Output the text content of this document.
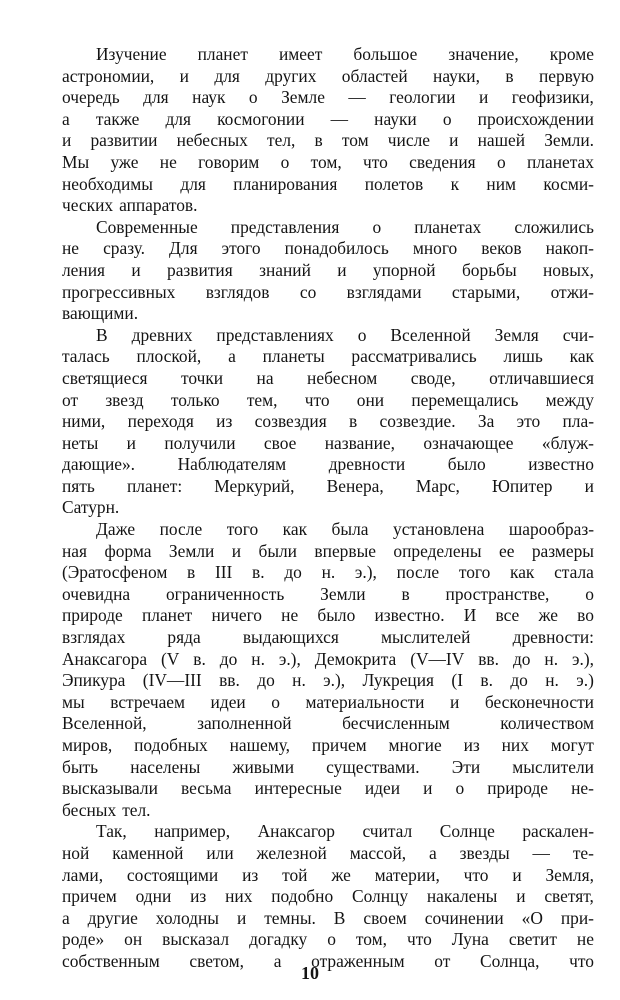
Изучение планет имеет большое значение, кроме
астрономии, и для других областей науки, в первую
очередь для наук о Земле — геологии и геофизики,
а также для космогонии — науки о происхождении
и развитии небесных тел, в том числе и нашей Земли.
Мы уже не говорим о том, что сведения о планетах
необходимы для планирования полетов к ним косми-
ческих аппаратов.
Современные представления о планетах сложились
не сразу. Для этого понадобилось много веков накоп-
ления и развития знаний и упорной борьбы новых,
прогрессивных взглядов со взглядами старыми, отжи-
вающими.
В древних представлениях о Вселенной Земля счи-
талась плоской, а планеты рассматривались лишь как
светящиеся точки на небесном своде, отличавшиеся
от звезд только тем, что они перемещались между
ними, переходя из созвездия в созвездие. За это пла-
неты и получили свое название, означающее «блуж-
дающие». Наблюдателям древности было известно
пять планет: Меркурий, Венера, Марс, Юпитер и
Сатурн.
Даже после того как была установлена шарообраз-
ная форма Земли и были впервые определены ее размеры
(Эратосфеном в III в. до н. э.), после того как стала
очевидна ограниченность Земли в пространстве, о
природе планет ничего не было известно. И все же во
взглядах ряда выдающихся мыслителей древности:
Анаксагора (V в. до н. э.), Демокрита (V—IV вв. до н. э.),
Эпикура (IV—III вв. до н. э.), Лукреция (I в. до н. э.)
мы встречаем идеи о материальности и бесконечности
Вселенной,	заполненной	бесчисленным	количеством
миров, подобных нашему, причем многие из них могут
быть населены живыми существами. Эти мыслители
высказывали весьма интересные идеи и о природе не-
бесных тел.
Так, например, Анаксагор считал Солнце раскален-
ной каменной или железной массой, а звезды — те-
лами, состоящими из той же материи, что и Земля,
причем одни из них подобно Солнцу накалены и светят,
а другие холодны и темны. В своем сочинении «О при-
роде» он высказал догадку о том, что Луна светит не
собственным светом, а отраженным от Солнца, что
10
